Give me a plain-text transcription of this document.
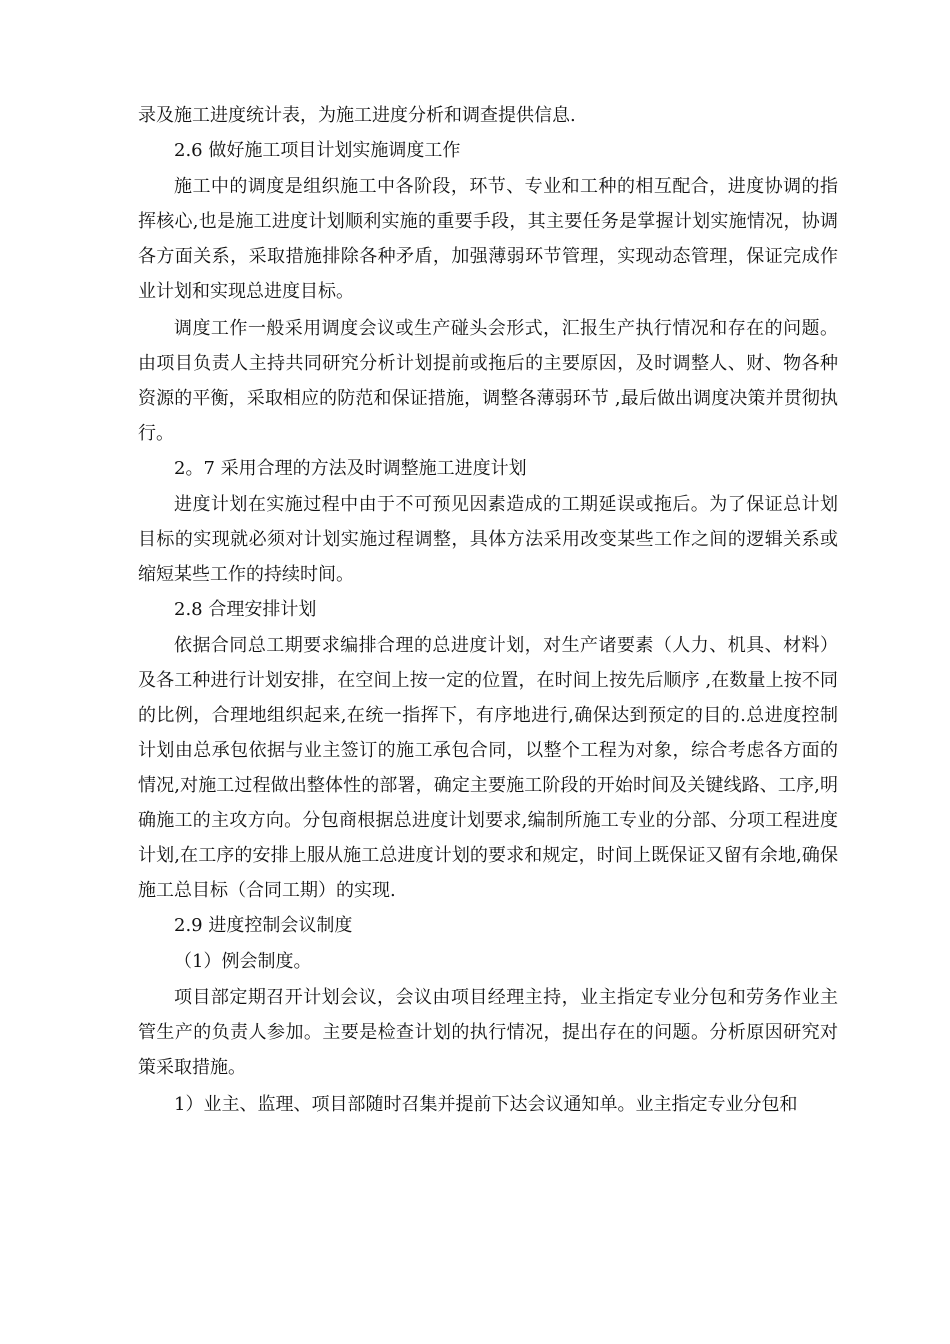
录及施工进度统计表，为施工进度分析和调查提供信息.

2.6 做好施工项目计划实施调度工作

施工中的调度是组织施工中各阶段，环节、专业和工种的相互配合，进度协调的指挥核心,也是施工进度计划顺利实施的重要手段，其主要任务是掌握计划实施情况，协调各方面关系，采取措施排除各种矛盾，加强薄弱环节管理，实现动态管理，保证完成作业计划和实现总进度目标。

调度工作一般采用调度会议或生产碰头会形式，汇报生产执行情况和存在的问题。由项目负责人主持共同研究分析计划提前或拖后的主要原因，及时调整人、财、物各种资源的平衡，采取相应的防范和保证措施，调整各薄弱环节 ,最后做出调度决策并贯彻执行。

2。7 采用合理的方法及时调整施工进度计划

进度计划在实施过程中由于不可预见因素造成的工期延误或拖后。为了保证总计划目标的实现就必须对计划实施过程调整，具体方法采用改变某些工作之间的逻辑关系或缩短某些工作的持续时间。

2.8 合理安排计划

依据合同总工期要求编排合理的总进度计划，对生产诸要素（人力、机具、材料）及各工种进行计划安排，在空间上按一定的位置，在时间上按先后顺序 ,在数量上按不同的比例，合理地组织起来,在统一指挥下，有序地进行,确保达到预定的目的.总进度控制计划由总承包依据与业主签订的施工承包合同，以整个工程为对象，综合考虑各方面的情况,对施工过程做出整体性的部署，确定主要施工阶段的开始时间及关键线路、工序,明确施工的主攻方向。分包商根据总进度计划要求,编制所施工专业的分部、分项工程进度计划,在工序的安排上服从施工总进度计划的要求和规定，时间上既保证又留有余地,确保施工总目标（合同工期）的实现.

2.9 进度控制会议制度

（1）例会制度。

项目部定期召开计划会议，会议由项目经理主持，业主指定专业分包和劳务作业主管生产的负责人参加。主要是检查计划的执行情况，提出存在的问题。分析原因研究对策采取措施。

1）业主、监理、项目部随时召集并提前下达会议通知单。业主指定专业分包和
